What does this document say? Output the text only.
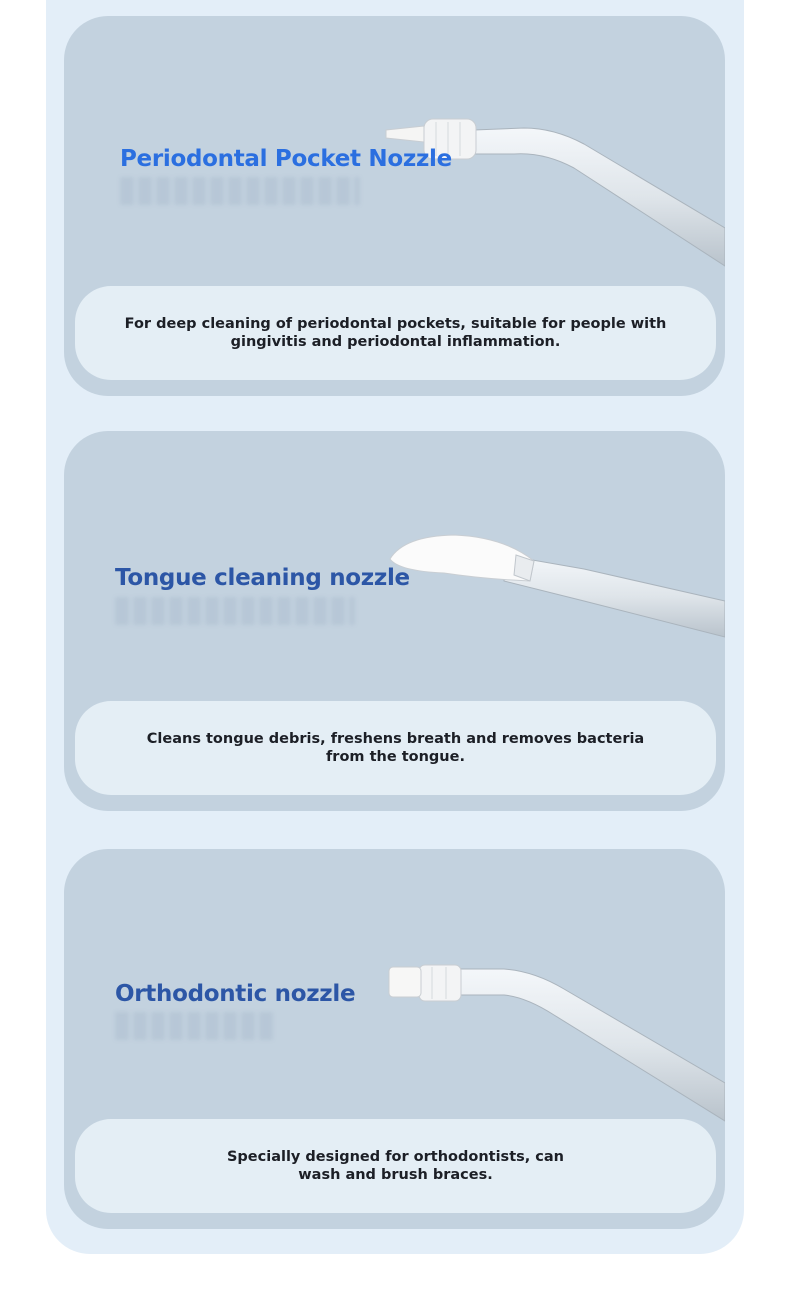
Periodontal Pocket Nozzle
For deep cleaning of periodontal pockets, suitable for people with gingivitis and periodontal inflammation.
Tongue cleaning nozzle
Cleans tongue debris, freshens breath and removes bacteria from the tongue.
Orthodontic nozzle
Specially designed for orthodontists, can wash and brush braces.
